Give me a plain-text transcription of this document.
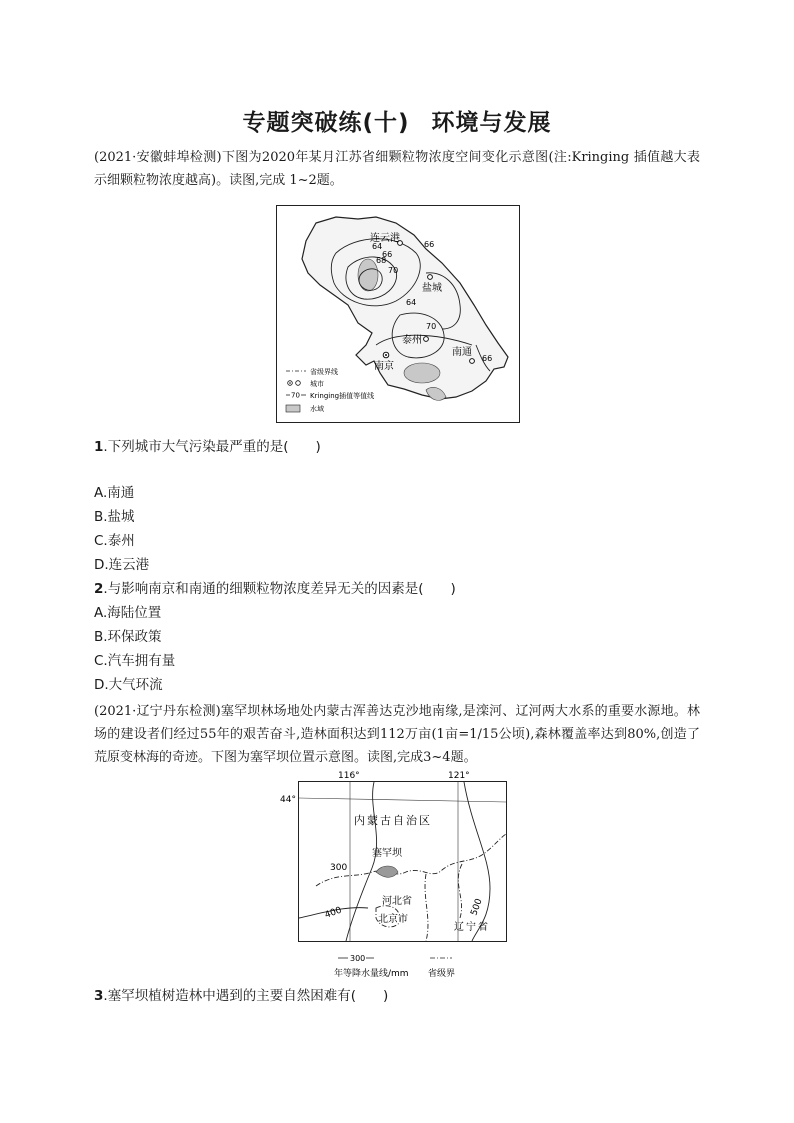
专题突破练(十) 环境与发展

(2021·安徽蚌埠检测)下图为2020年某月江苏省细颗粒物浓度空间变化示意图(注:Kringing 插值越大表示细颗粒物浓度越高)。读图,完成 1~2题。

64	66
70
68
64
70
66
66
连云港
盐城
泰州
南通
南京
省级界线
城市
70 Kringing插值等值线
水域
1.下列城市大气污染最严重的是(　　)
A.南通
B.盐城
C.泰州
D.连云港
2.与影响南京和南通的细颗粒物浓度差异无关的因素是(　　)
A.海陆位置
B.环保政策
C.汽车拥有量
D.大气环流

(2021·辽宁丹东检测)塞罕坝林场地处内蒙古浑善达克沙地南缘,是滦河、辽河两大水系的重要水源地。林场的建设者们经过55年的艰苦奋斗,造林面积达到112万亩(1亩=1/15公顷),森林覆盖率达到80%,创造了荒原变林海的奇迹。下图为塞罕坝位置示意图。读图,完成3~4题。

116°	121°
44°
内蒙古自治区
塞罕坝
300
400	500
河北省
北京市
辽宁省
300
年等降水量线/mm 省级界
3.塞罕坝植树造林中遇到的主要自然困难有(　　)
